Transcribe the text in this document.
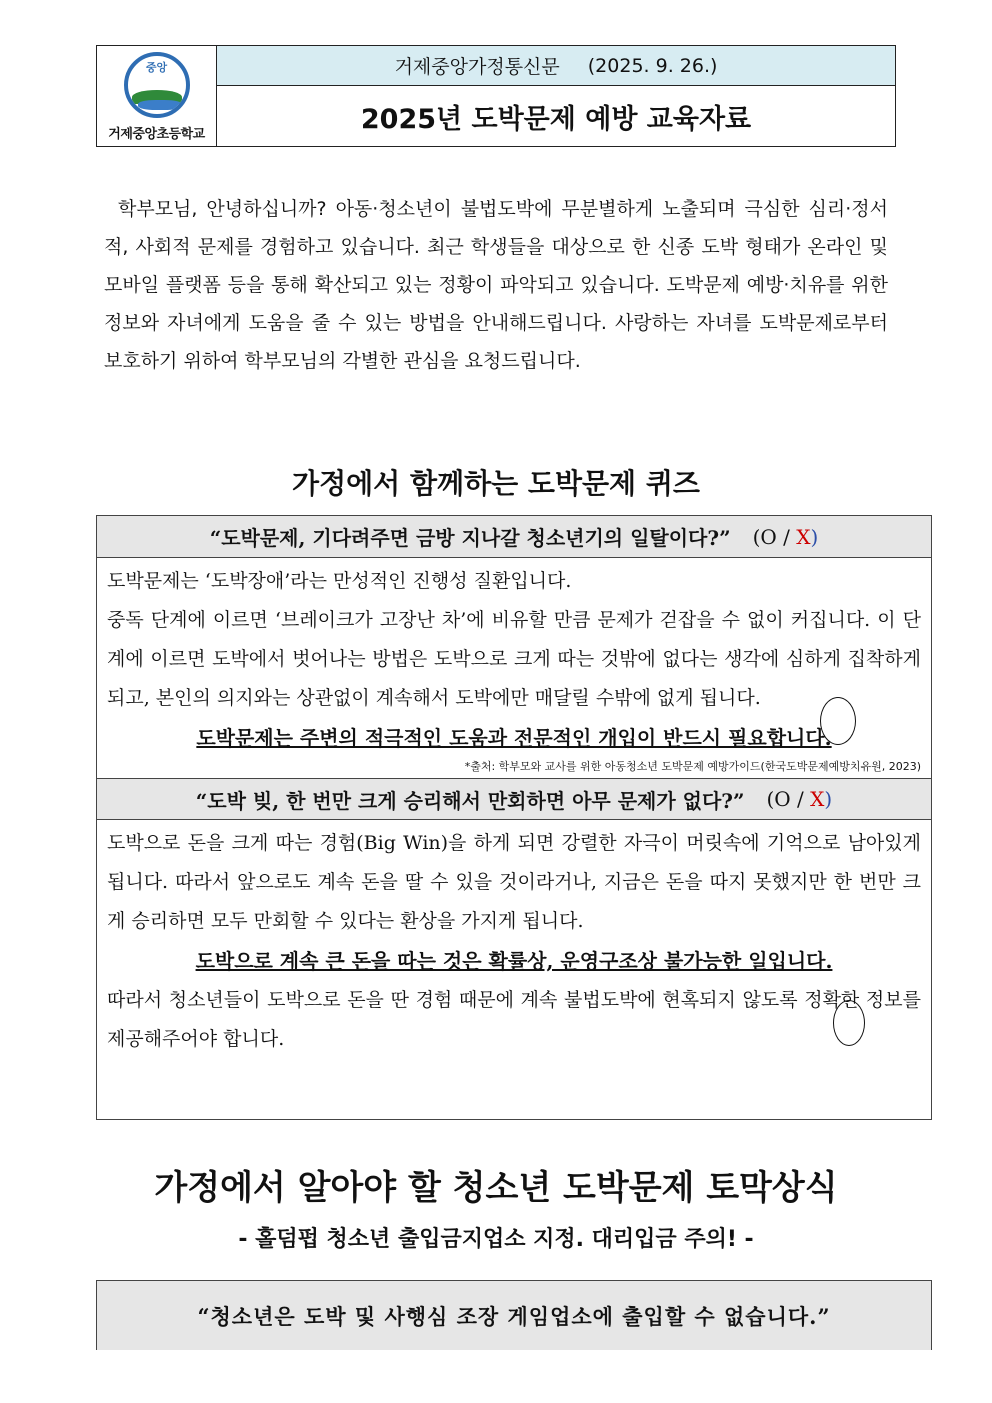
중앙
거제중앙초등학교
거제중앙가정통신문 (2025. 9. 26.)
2025년 도박문제 예방 교육자료
학부모님, 안녕하십니까? 아동·청소년이 불법도박에 무분별하게 노출되며 극심한 심리·정서적, 사회적 문제를 경험하고 있습니다. 최근 학생들을 대상으로 한 신종 도박 형태가 온라인 및 모바일 플랫폼 등을 통해 확산되고 있는 정황이 파악되고 있습니다. 도박문제 예방·치유를 위한 정보와 자녀에게 도움을 줄 수 있는 방법을 안내해드립니다. 사랑하는 자녀를 도박문제로부터 보호하기 위하여 학부모님의 각별한 관심을 요청드립니다.
가정에서 함께하는 도박문제 퀴즈
“도박문제, 기다려주면 금방 지나갈 청소년기의 일탈이다?” (O / X)

도박문제는 ‘도박장애’라는 만성적인 진행성 질환입니다.

중독 단계에 이르면 ‘브레이크가 고장난 차’에 비유할 만큼 문제가 걷잡을 수 없이 커집니다. 이 단계에 이르면 도박에서 벗어나는 방법은 도박으로 크게 따는 것밖에 없다는 생각에 심하게 집착하게 되고, 본인의 의지와는 상관없이 계속해서 도박에만 매달릴 수밖에 없게 됩니다.

도박문제는 주변의 적극적인 도움과 전문적인 개입이 반드시 필요합니다.
*출처: 학부모와 교사를 위한 아동청소년 도박문제 예방가이드(한국도박문제예방치유원, 2023)
“도박 빚, 한 번만 크게 승리해서 만회하면 아무 문제가 없다?” (O / X)

도박으로 돈을 크게 따는 경험(Big Win)을 하게 되면 강렬한 자극이 머릿속에 기억으로 남아있게 됩니다. 따라서 앞으로도 계속 돈을 딸 수 있을 것이라거나, 지금은 돈을 따지 못했지만 한 번만 크게 승리하면 모두 만회할 수 있다는 환상을 가지게 됩니다.

도박으로 계속 큰 돈을 따는 것은 확률상, 운영구조상 불가능한 일입니다.

따라서 청소년들이 도박으로 돈을 딴 경험 때문에 계속 불법도박에 현혹되지 않도록 정확한 정보를 제공해주어야 합니다.

가정에서 알아야 할 청소년 도박문제 토막상식
- 홀덤펍 청소년 출입금지업소 지정. 대리입금 주의! -
“청소년은 도박 및 사행심 조장 게임업소에 출입할 수 없습니다.”
